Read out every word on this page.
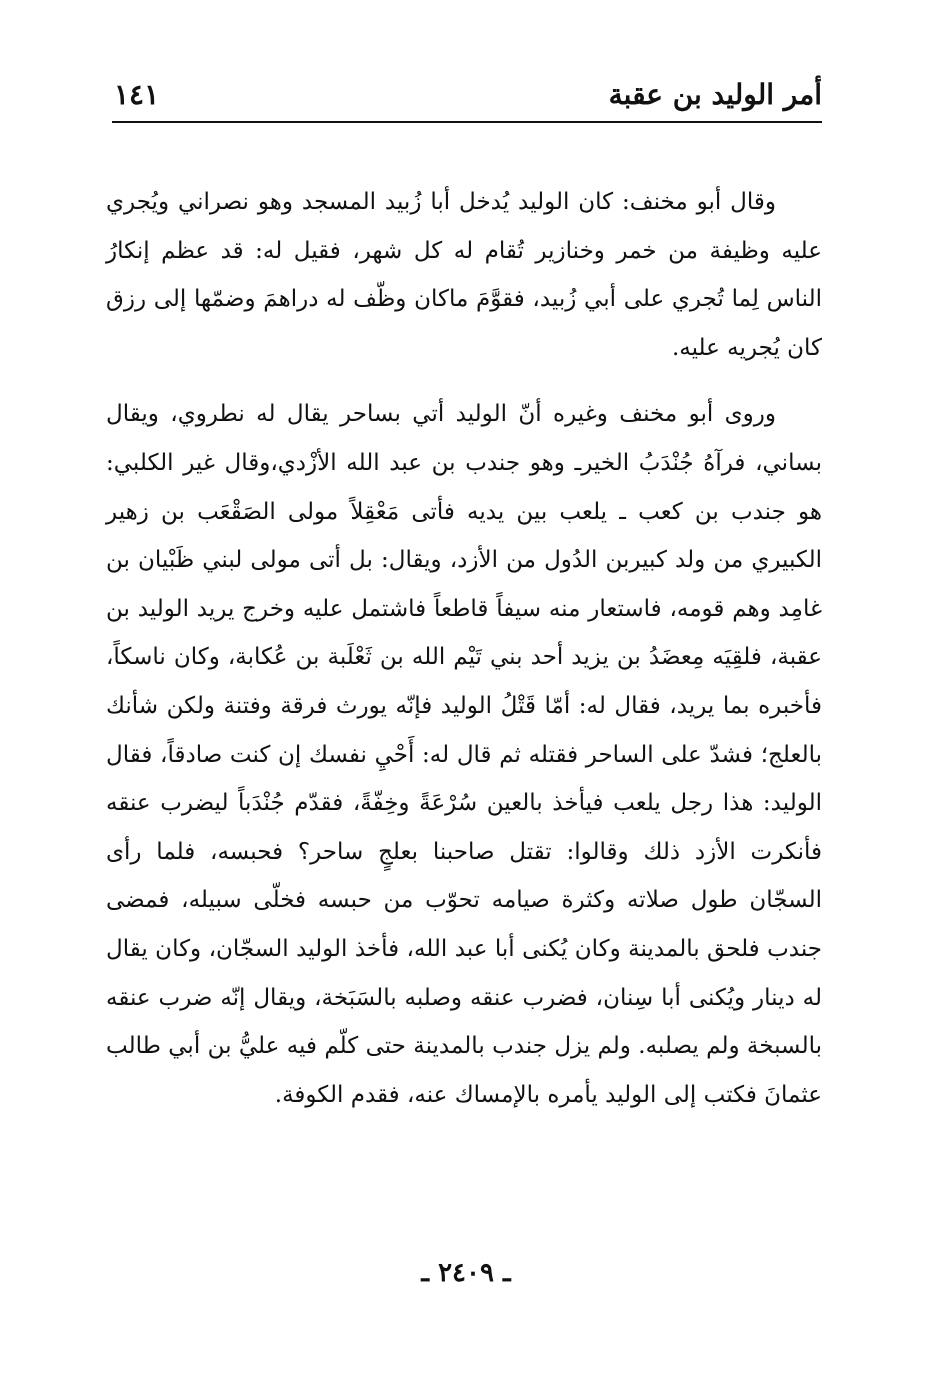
أمر الوليد بن عقبة
١٤١

وقال أبو مخنف: كان الوليد يُدخل أبا زُبيد المسجد وهو نصراني ويُجري عليه وظيفة من خمر وخنازير تُقام له كل شهر، فقيل له: قد عظم إنكارُ الناس لِما تُجري على أبي زُبيد، فقوَّمَ ماكان وظّف له دراهمَ وضمّها إلى رزق كان يُجريه عليه.

وروى أبو مخنف وغيره أنّ الوليد أتي بساحر يقال له نطروي، ويقال بساني، فرآهُ جُنْدَبُ الخيرـ وهو جندب بن عبد الله الأزْدي،وقال غير الكلبي: هو جندب بن كعب ـ يلعب بين يديه فأتى مَعْقِلاً مولى الصَقْعَب بن زهير الكبيري من ولد كبيربن الدُول من الأزد، ويقال: بل أتى مولى لبني ظَبْيان بن غامِد وهم قومه، فاستعار منه سيفاً قاطعاً فاشتمل عليه وخرج يريد الوليد بن عقبة، فلقِيَه مِعضَدُ بن يزيد أحد بني تَيْم الله بن ثَعْلَبة بن عُكابة، وكان ناسكاً، فأخبره بما يريد، فقال له: أمّا قَتْلُ الوليد فإنّه يورث فرقة وفتنة ولكن شأنك بالعلج؛ فشدّ على الساحر فقتله ثم قال له: أَحْيِ نفسك إن كنت صادقاً، فقال الوليد: هذا رجل يلعب فيأخذ بالعين سُرْعَةً وخِفّةً، فقدّم جُنْدَباً ليضرب عنقه فأنكرت الأزد ذلك وقالوا: تقتل صاحبنا بعلجٍ ساحر؟ فحبسه، فلما رأى السجّان طول صلاته وكثرة صيامه تحوّب من حبسه فخلّى سبيله، فمضى جندب فلحق بالمدينة وكان يُكنى أبا عبد الله، فأخذ الوليد السجّان، وكان يقال له دينار ويُكنى أبا سِنان، فضرب عنقه وصلبه بالسَبَخة، ويقال إنّه ضرب عنقه بالسبخة ولم يصلبه. ولم يزل جندب بالمدينة حتى كلّم فيه عليُّ بن أبي طالب عثمانَ فكتب إلى الوليد يأمره بالإمساك عنه، فقدم الكوفة.

ـ ٢٤٠٩ ـ
